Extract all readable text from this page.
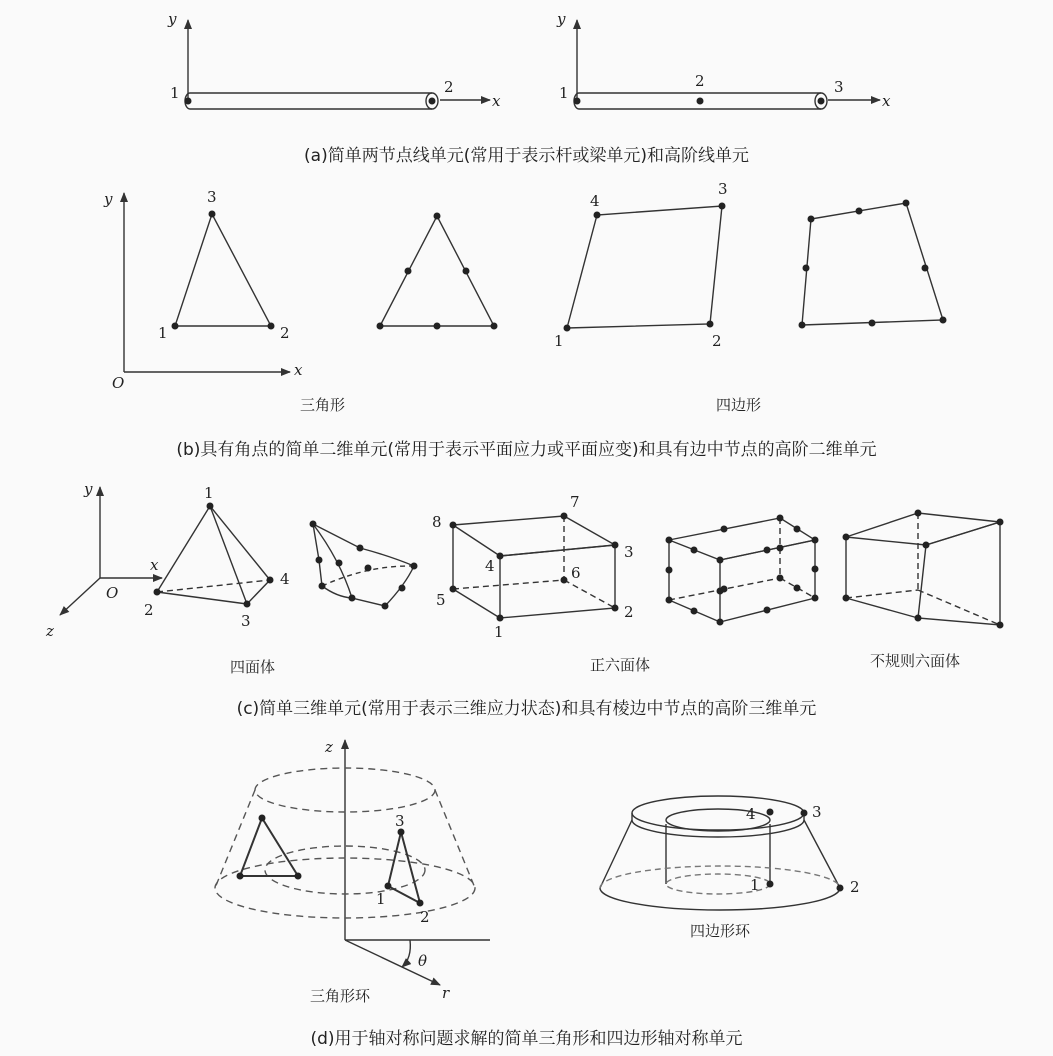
y
x
y
x
y
x
O
y
x
O
z
z
θ
r
1	2	1
2	3
3
1	2
4
3
1	2
1
2
3
4
1
2
3
4
5
6
7
8
3
1
2
4	3
1	2
三角形	四边形
四面体	正六面体	不规则六面体
三角形环
四边形环
(a)简单两节点线单元(常用于表示杆或梁单元)和高阶线单元
(b)具有角点的简单二维单元(常用于表示平面应力或平面应变)和具有边中节点的高阶二维单元
(c)简单三维单元(常用于表示三维应力状态)和具有棱边中节点的高阶三维单元
(d)用于轴对称问题求解的简单三角形和四边形轴对称单元
